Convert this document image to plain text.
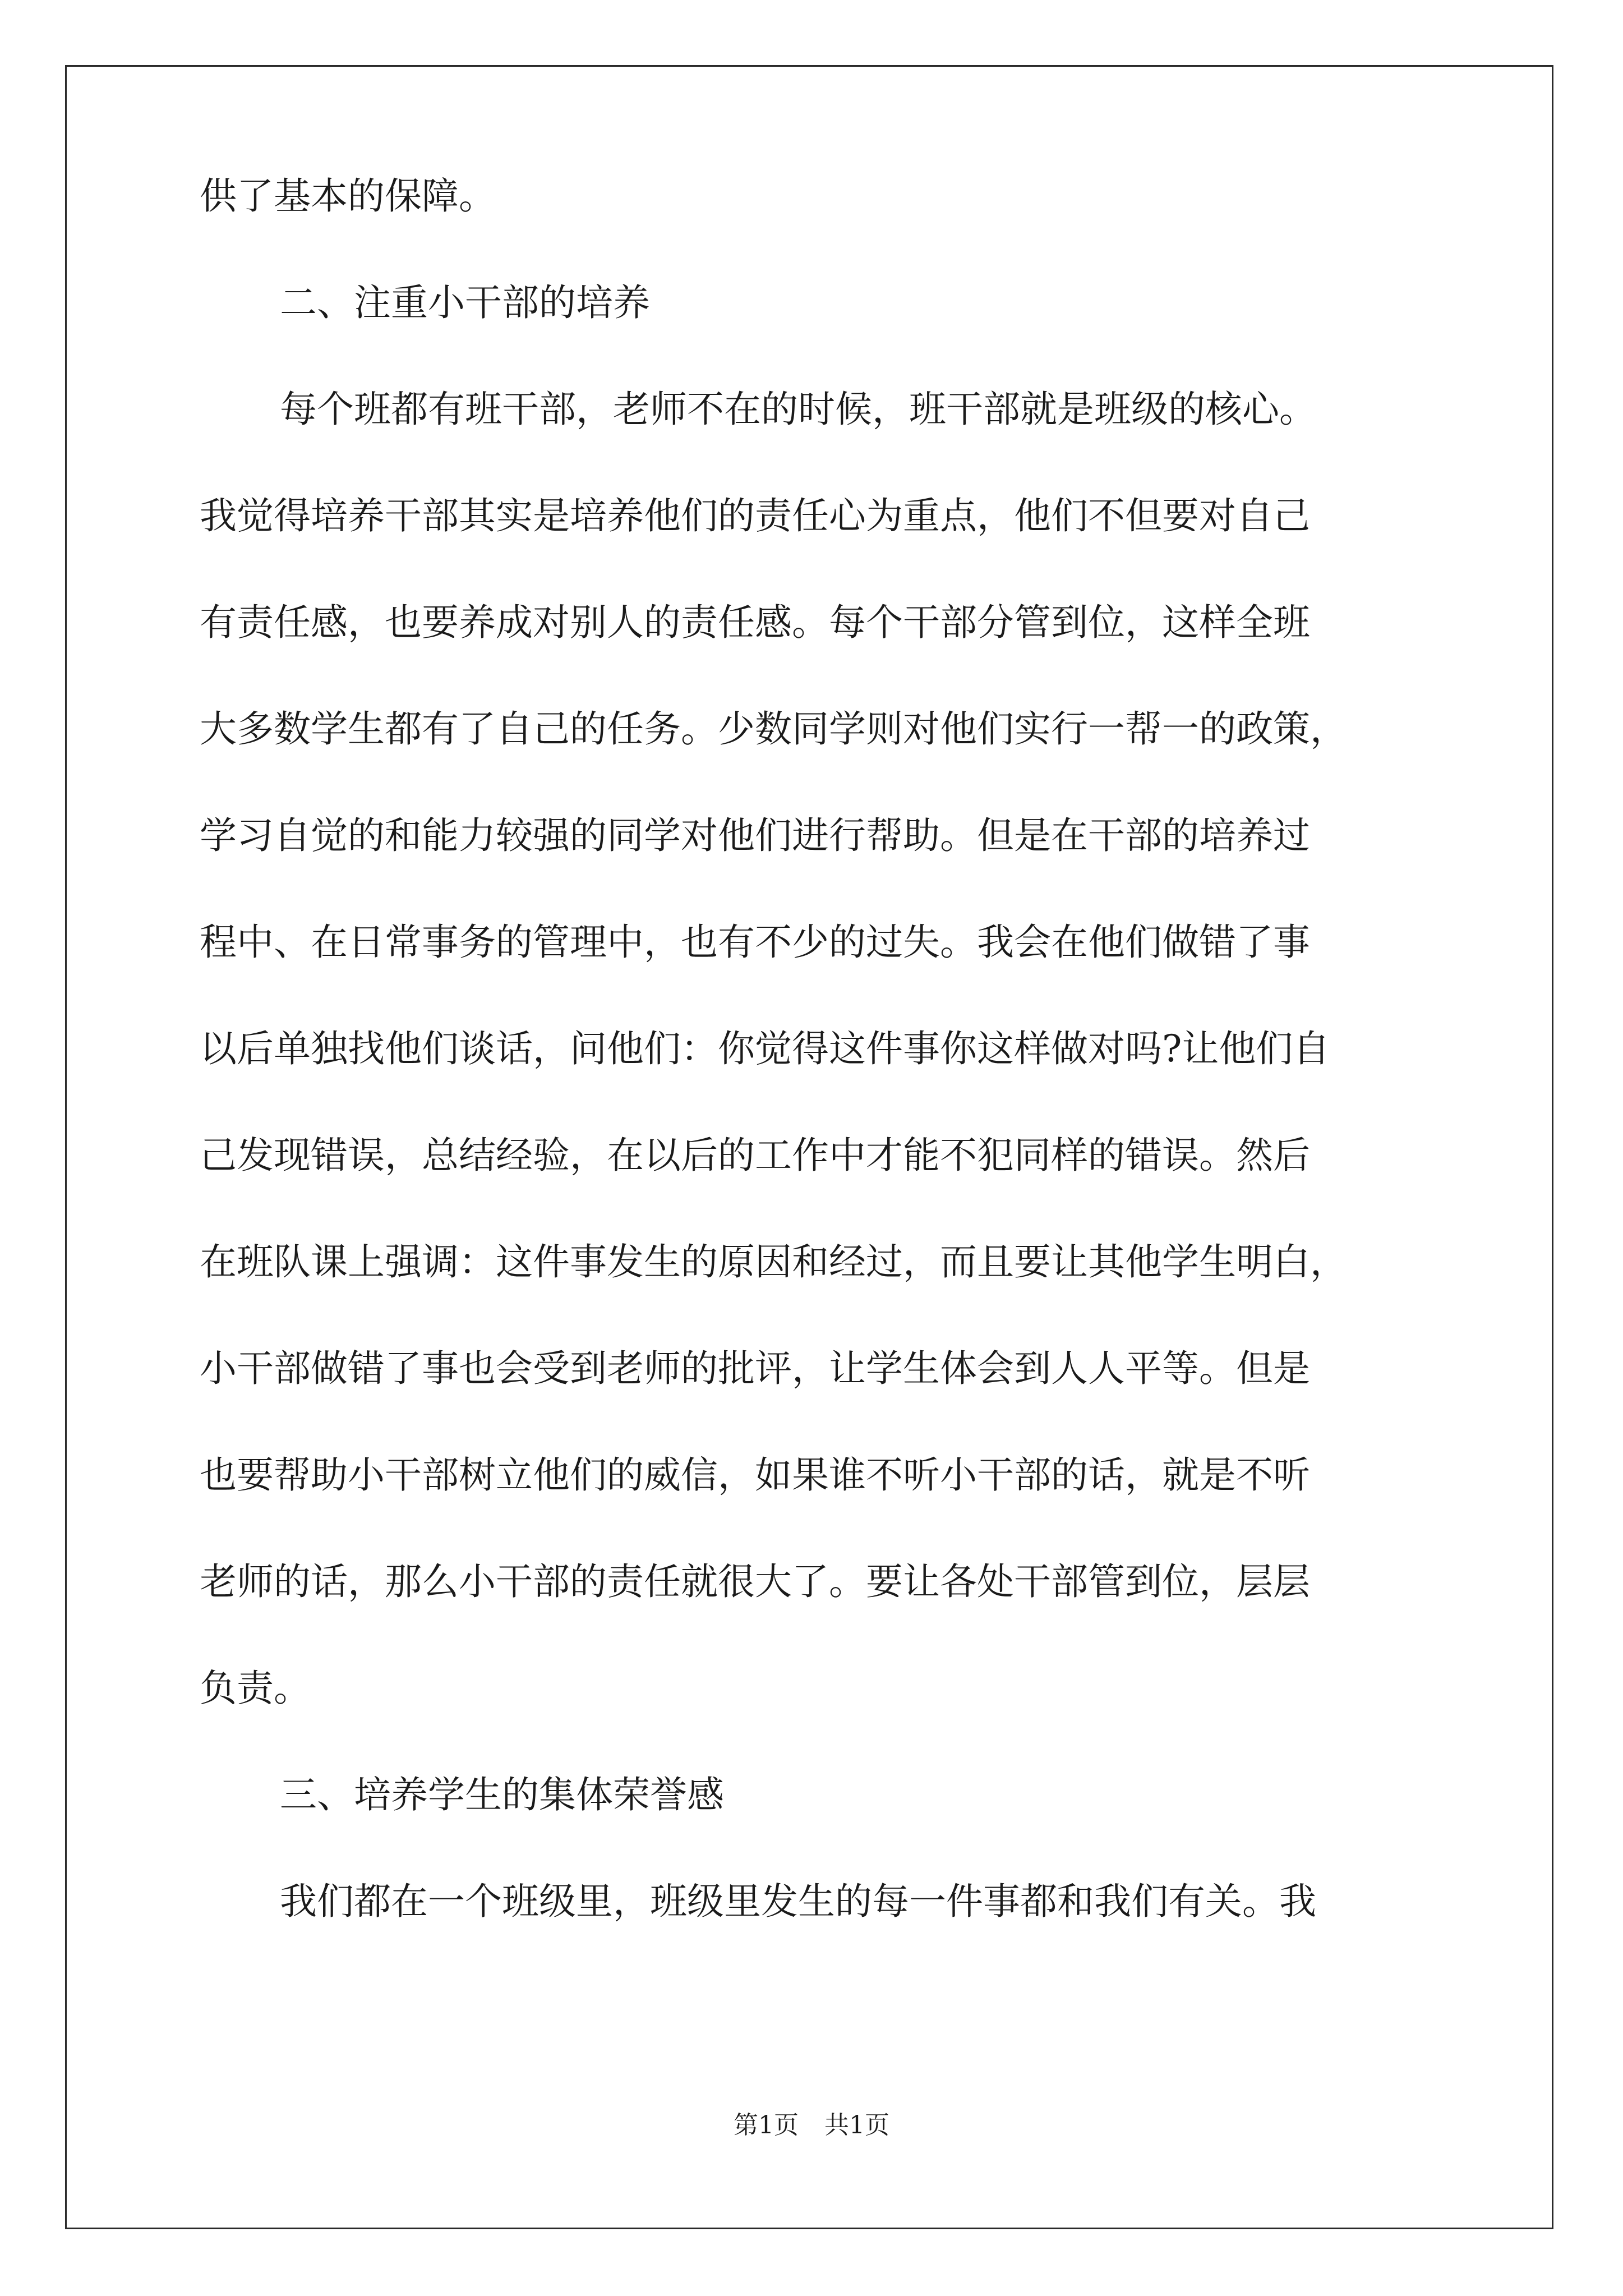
供了基本的保障。
二、注重小干部的培养
每个班都有班干部，老师不在的时候，班干部就是班级的核心。
我觉得培养干部其实是培养他们的责任心为重点，他们不但要对自己
有责任感，也要养成对别人的责任感。每个干部分管到位，这样全班
大多数学生都有了自己的任务。少数同学则对他们实行一帮一的政策，
学习自觉的和能力较强的同学对他们进行帮助。但是在干部的培养过
程中、在日常事务的管理中，也有不少的过失。我会在他们做错了事
以后单独找他们谈话，问他们：你觉得这件事你这样做对吗?让他们自
己发现错误，总结经验，在以后的工作中才能不犯同样的错误。然后
在班队课上强调：这件事发生的原因和经过，而且要让其他学生明白，
小干部做错了事也会受到老师的批评，让学生体会到人人平等。但是
也要帮助小干部树立他们的威信，如果谁不听小干部的话，就是不听
老师的话，那么小干部的责任就很大了。要让各处干部管到位，层层
负责。
三、培养学生的集体荣誉感
我们都在一个班级里，班级里发生的每一件事都和我们有关。我
第1页 共1页
